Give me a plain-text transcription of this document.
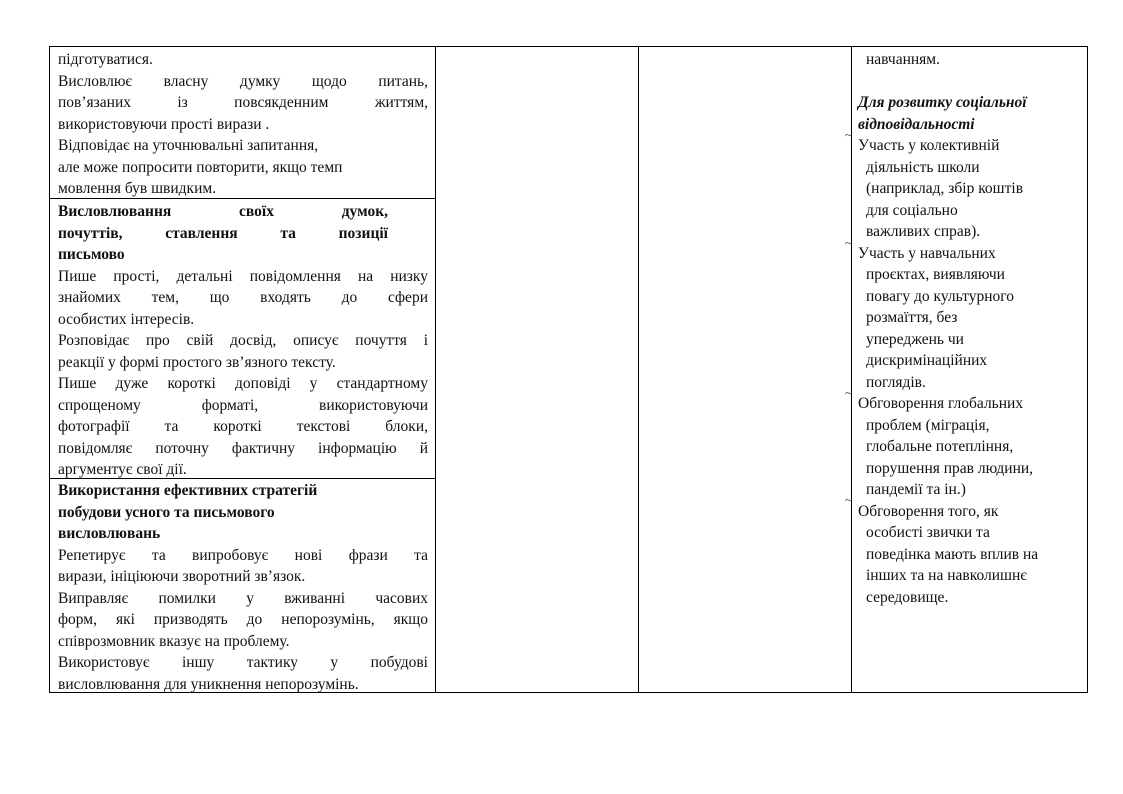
підготуватися.

Висловлює власну думку щодо питань,

пов’язаних із повсякденним життям,

використовуючи прості вирази .

Відповідає на уточнювальні запитання,

але може попросити повторити, якщо темп

мовлення був швидким.

Висловлювання своїх думок,

почуттів, ставлення та позиції

письмово

Пише прості, детальні повідомлення на низку

знайомих тем, що входять до сфери

особистих інтересів.

Розповідає про свій досвід, описує почуття і

реакції у формі простого зв’язного тексту.

Пише дуже короткі доповіді у стандартному

спрощеному форматі, використовуючи

фотографії та короткі текстові блоки,

повідомляє поточну фактичну інформацію й

аргументує свої дії.

Використання ефективних стратегій

побудови усного та письмового

висловлювань

Репетирує та випробовує нові фрази та

вирази, ініціюючи зворотний зв’язок.

Виправляє помилки у вживанні часових

форм, які призводять до непорозумінь, якщо

співрозмовник вказує на проблему.

Використовує іншу тактику у побудові

висловлювання для уникнення непорозумінь.

навчанням.

Для розвитку соціальної

відповідальності

Участь у колективній

діяльність школи

(наприклад, збір коштів

для соціально

важливих справ).

Участь у навчальних

проєктах, виявляючи

повагу до культурного

розмаїття, без

упереджень чи

дискримінаційних

поглядів.

Обговорення глобальних

проблем (міграція,

глобальне потепління,

порушення прав людини,

пандемії та ін.)

Обговорення того, як

особисті звички та

поведінка мають вплив на

інших та на навколишнє

середовище.

~
~
~
~
